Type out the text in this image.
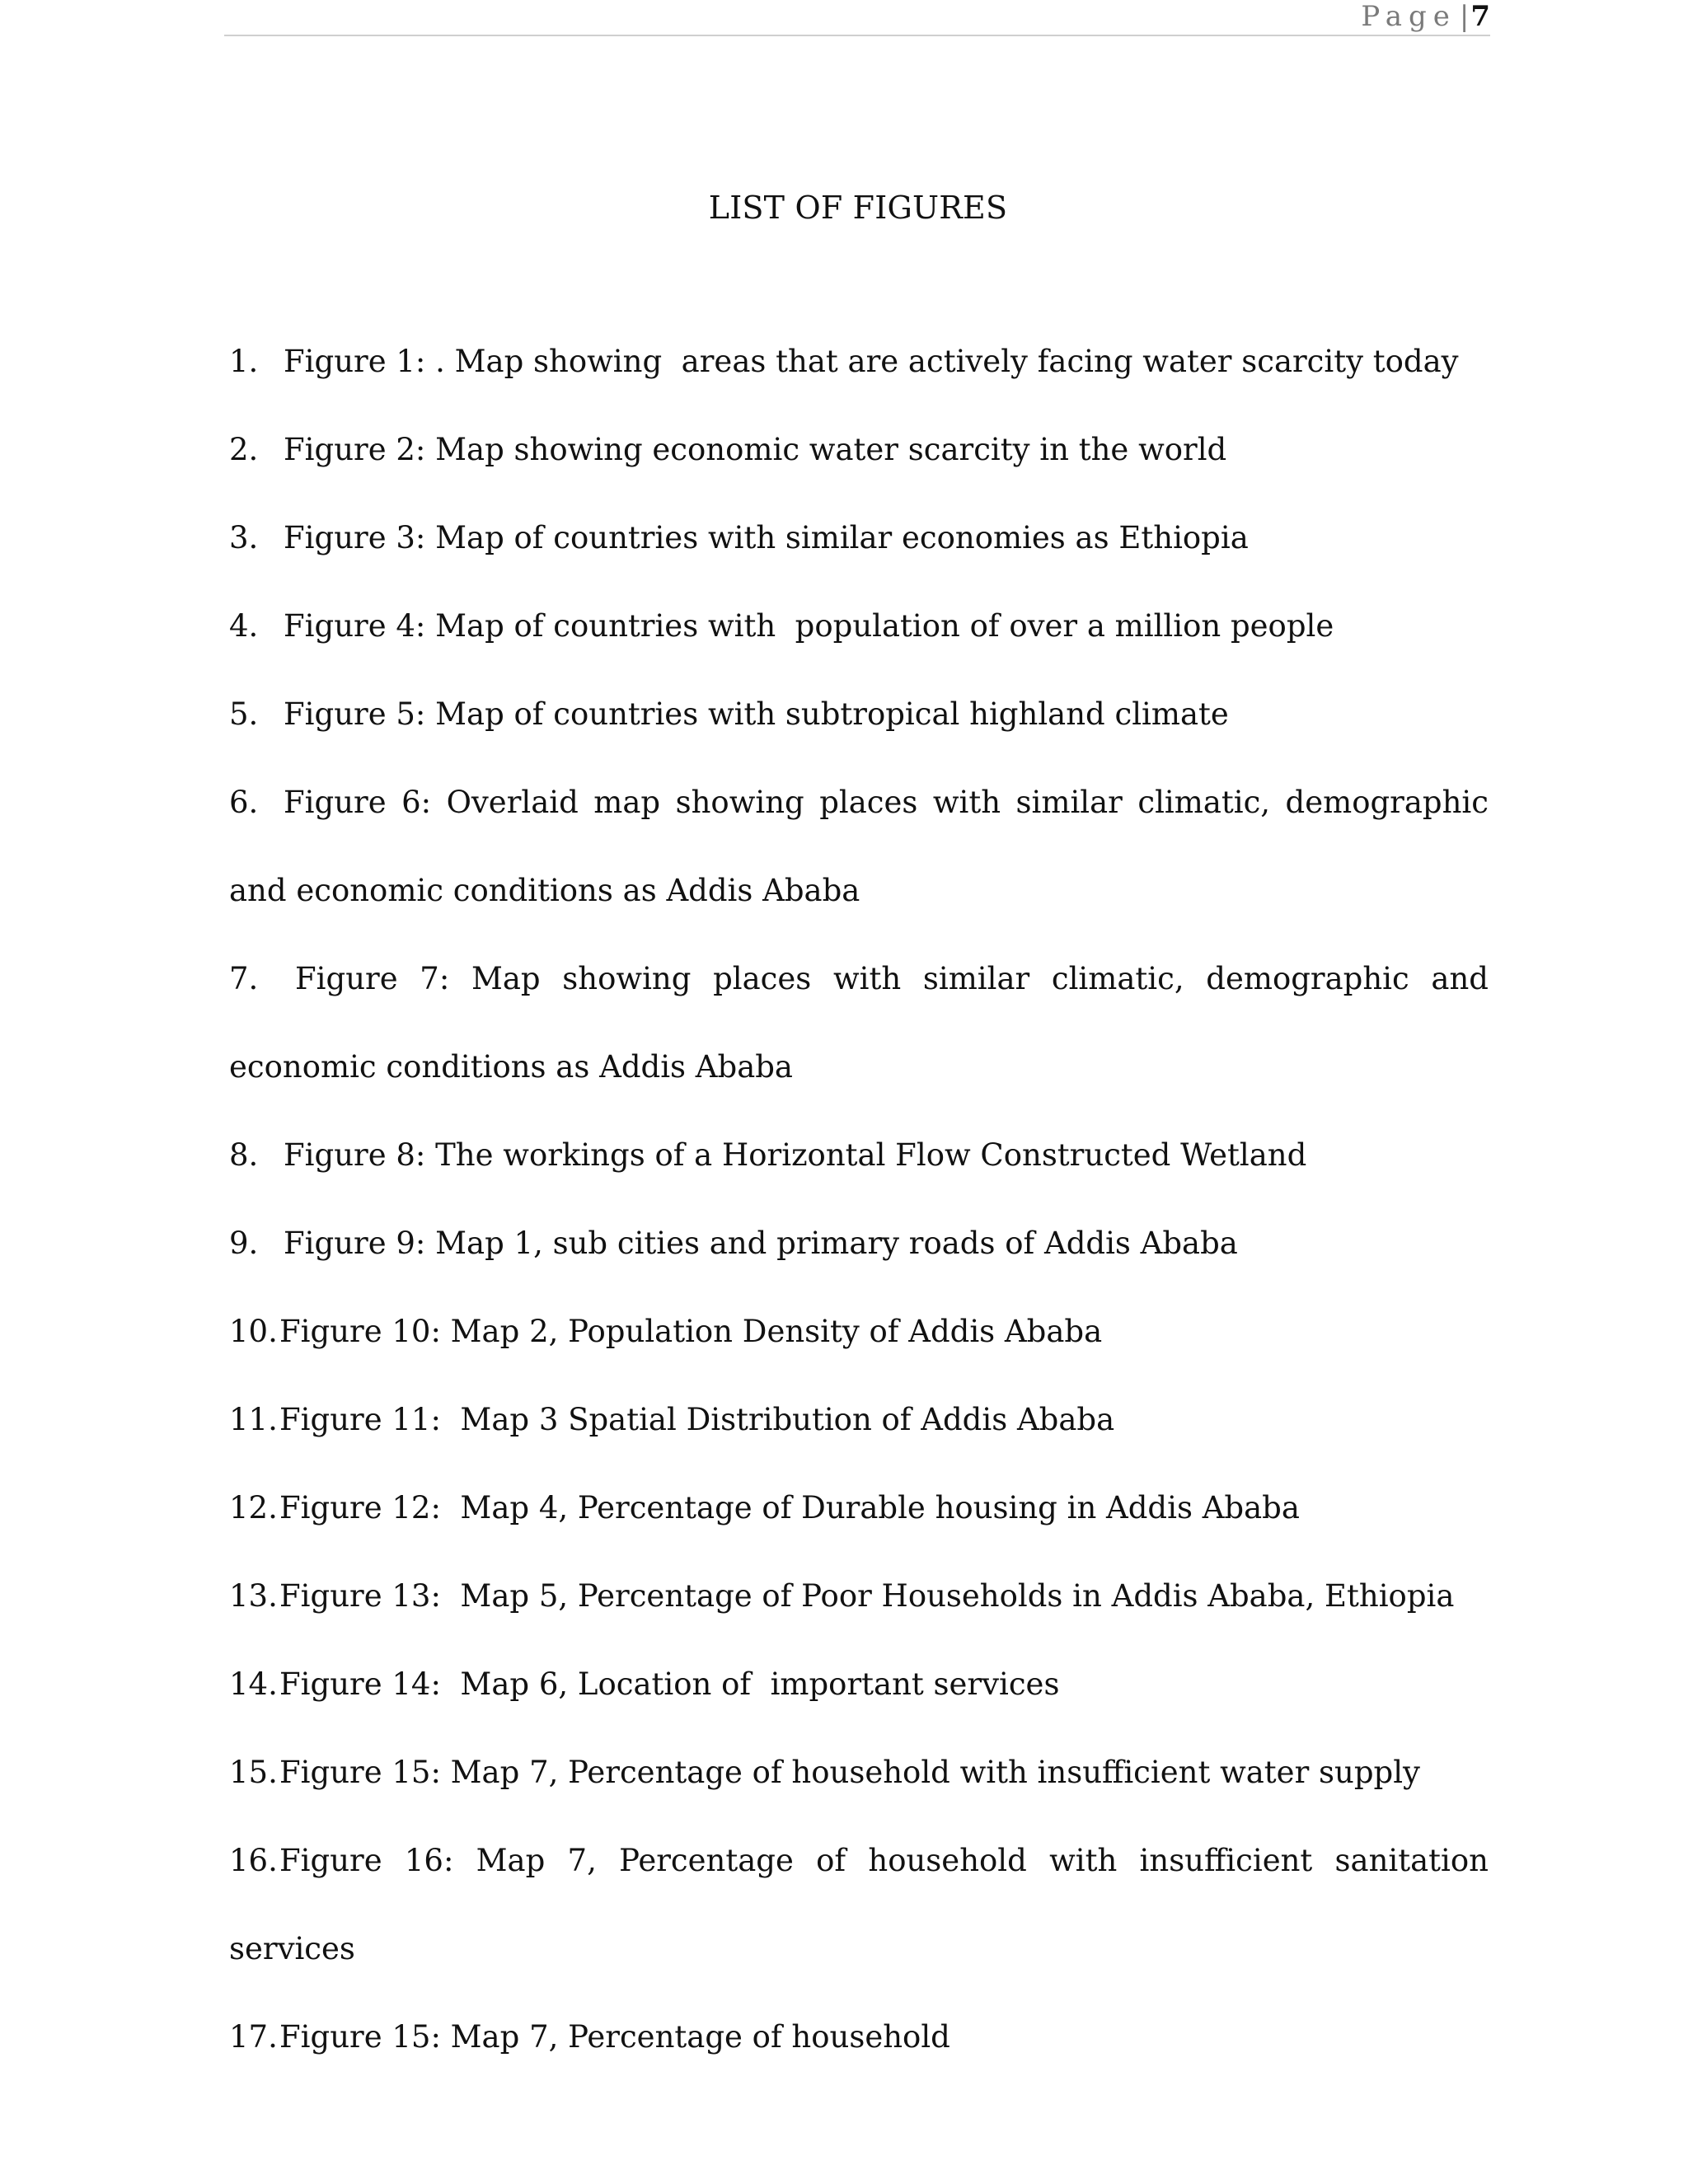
Page |7
LIST OF FIGURES
1. Figure 1: . Map showing  areas that are actively facing water scarcity today
2. Figure 2: Map showing economic water scarcity in the world
3. Figure 3: Map of countries with similar economies as Ethiopia
4. Figure 4: Map of countries with  population of over a million people
5. Figure 5: Map of countries with subtropical highland climate
6. Figure 6: Overlaid map showing places with similar climatic, demographic and economic conditions as Addis Ababa
7. Figure 7: Map showing places with similar climatic, demographic and economic conditions as Addis Ababa
8. Figure 8: The workings of a Horizontal Flow Constructed Wetland
9. Figure 9: Map 1, sub cities and primary roads of Addis Ababa
10.Figure 10: Map 2, Population Density of Addis Ababa
11.Figure 11:  Map 3 Spatial Distribution of Addis Ababa
12.Figure 12:  Map 4, Percentage of Durable housing in Addis Ababa
13.Figure 13:  Map 5, Percentage of Poor Households in Addis Ababa, Ethiopia
14.Figure 14:  Map 6, Location of  important services
15.Figure 15: Map 7, Percentage of household with insufficient water supply
16.Figure 16: Map 7, Percentage of household with insufficient sanitation services
17.Figure 15: Map 7, Percentage of household
